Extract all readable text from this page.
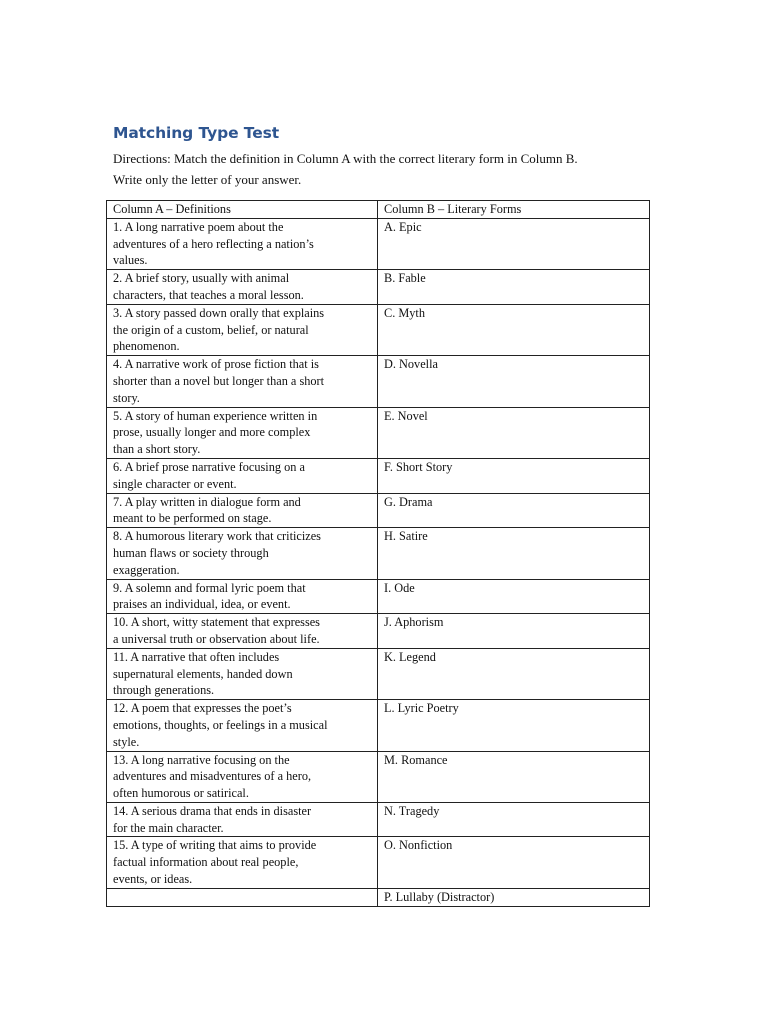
Matching Type Test
Directions: Match the definition in Column A with the correct literary form in Column B.
Write only the letter of your answer.
Column A – Definitions	Column B – Literary Forms

1. A long narrative poem about the
adventures of a hero reflecting a nation’s
values.	A. Epic

2. A brief story, usually with animal
characters, that teaches a moral lesson.	B. Fable

3. A story passed down orally that explains
the origin of a custom, belief, or natural
phenomenon.	C. Myth

4. A narrative work of prose fiction that is
shorter than a novel but longer than a short
story.	D. Novella

5. A story of human experience written in
prose, usually longer and more complex
than a short story.	E. Novel

6. A brief prose narrative focusing on a
single character or event.	F. Short Story

7. A play written in dialogue form and
meant to be performed on stage.	G. Drama

8. A humorous literary work that criticizes
human flaws or society through
exaggeration.	H. Satire

9. A solemn and formal lyric poem that
praises an individual, idea, or event.	I. Ode

10. A short, witty statement that expresses
a universal truth or observation about life.	J. Aphorism

11. A narrative that often includes
supernatural elements, handed down
through generations.	K. Legend

12. A poem that expresses the poet’s
emotions, thoughts, or feelings in a musical
style.	L. Lyric Poetry

13. A long narrative focusing on the
adventures and misadventures of a hero,
often humorous or satirical.	M. Romance

14. A serious drama that ends in disaster
for the main character.	N. Tragedy

15. A type of writing that aims to provide
factual information about real people,
events, or ideas.	O. Nonfiction
	P. Lullaby (Distractor)
